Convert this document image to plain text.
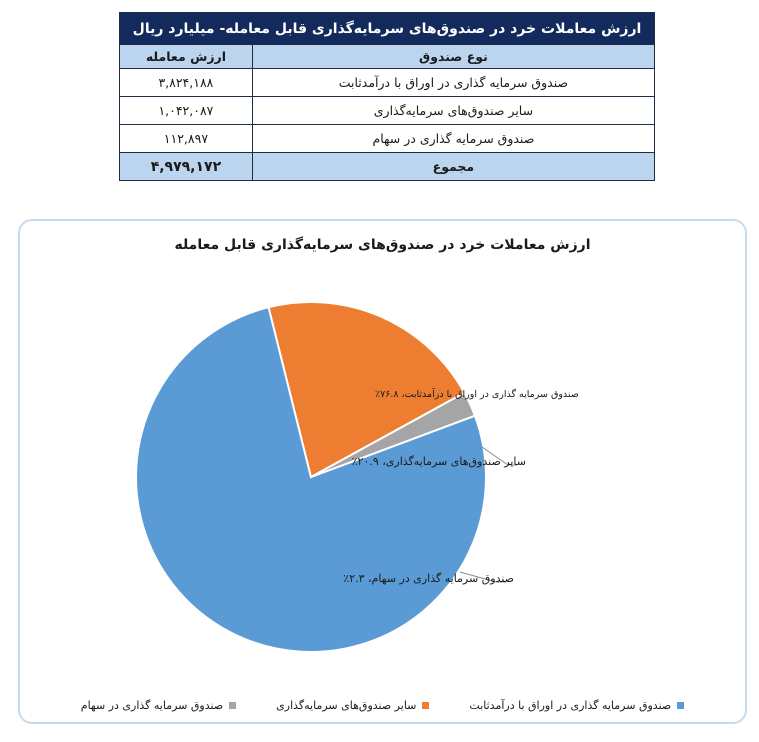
ارزش معاملات خرد در صندوق‌های سرمایه‌گذاری قابل معامله- میلیارد ریال	
نوع صندوق	ارزش معامله
صندوق سرمایه گذاری در اوراق با درآمدثابت	۳,۸۲۴,۱۸۸
سایر صندوق‌های سرمایه‌گذاری	۱,۰۴۲,۰۸۷
صندوق سرمایه گذاری در سهام	۱۱۲,۸۹۷
مجموع	۴,۹۷۹,۱۷۲
ارزش معاملات خرد در صندوق‌های سرمایه‌گذاری قابل معامله
صندوق سرمایه گذاری در اوراق با درآمدثابت، ۷۶.۸٪
سایر صندوق‌های سرمایه‌گذاری، ۲۰.۹٪
صندوق سرمایه گذاری در سهام، ۲.۳٪
صندوق سرمایه گذاری در اوراق با درآمدثابت
سایر صندوق‌های سرمایه‌گذاری
صندوق سرمایه گذاری در سهام
